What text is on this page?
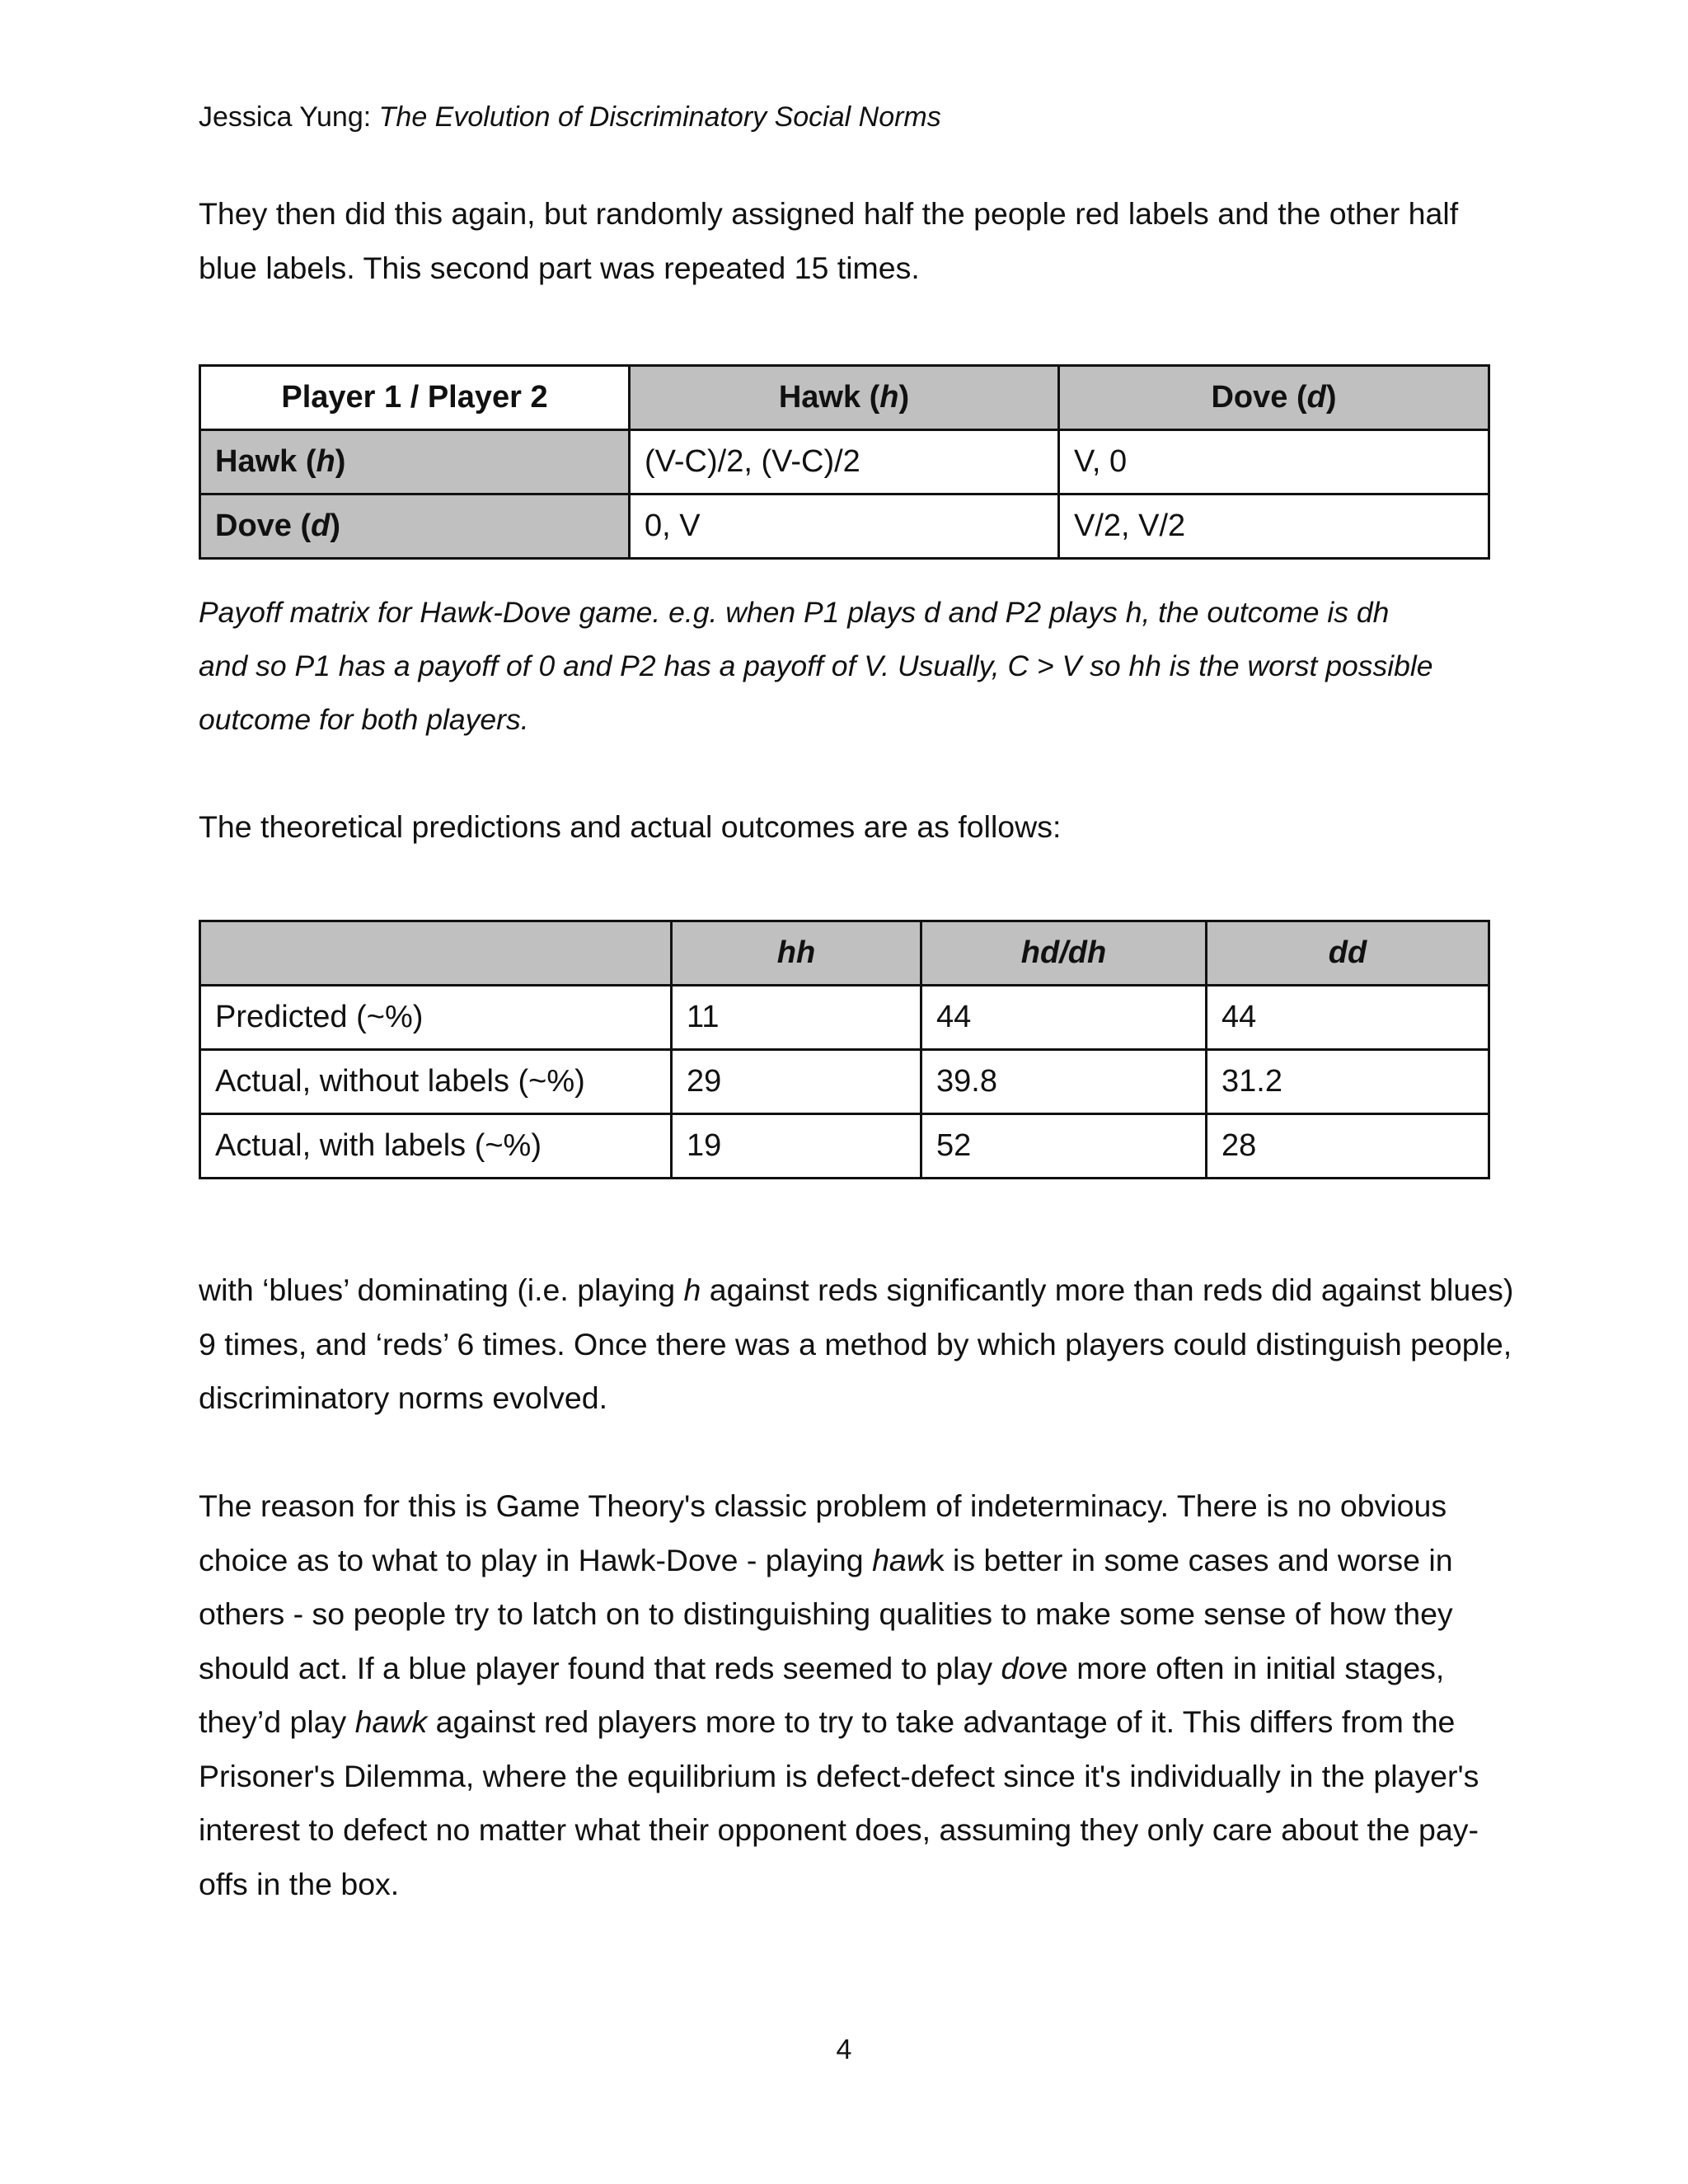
Jessica Yung: The Evolution of Discriminatory Social Norms

They then did this again, but randomly assigned half the people red labels and the other half
blue labels. This second part was repeated 15 times.

Player 1 / Player 2	Hawk (h)	Dove (d)
Hawk (h)	(V-C)/2, (V-C)/2	V, 0
Dove (d)	0, V	V/2, V/2

Payoff matrix for Hawk-Dove game. e.g. when P1 plays d and P2 plays h, the outcome is dh
and so P1 has a payoff of 0 and P2 has a payoff of V. Usually, C > V so hh is the worst possible
outcome for both players.

The theoretical predictions and actual outcomes are as follows:

	hh	hd/dh	dd
Predicted (~%)	11	44	44
Actual, without labels (~%)	29	39.8	31.2
Actual, with labels (~%)	19	52	28

with ‘blues’ dominating (i.e. playing h against reds significantly more than reds did against blues)
9 times, and ‘reds’ 6 times. Once there was a method by which players could distinguish people,
discriminatory norms evolved.

The reason for this is Game Theory's classic problem of indeterminacy. There is no obvious
choice as to what to play in Hawk-Dove - playing hawk is better in some cases and worse in
others - so people try to latch on to distinguishing qualities to make some sense of how they
should act. If a blue player found that reds seemed to play dove more often in initial stages,
they’d play hawk against red players more to try to take advantage of it. This differs from the
Prisoner's Dilemma, where the equilibrium is defect-defect since it's individually in the player's
interest to defect no matter what their opponent does, assuming they only care about the pay-
offs in the box.

4
